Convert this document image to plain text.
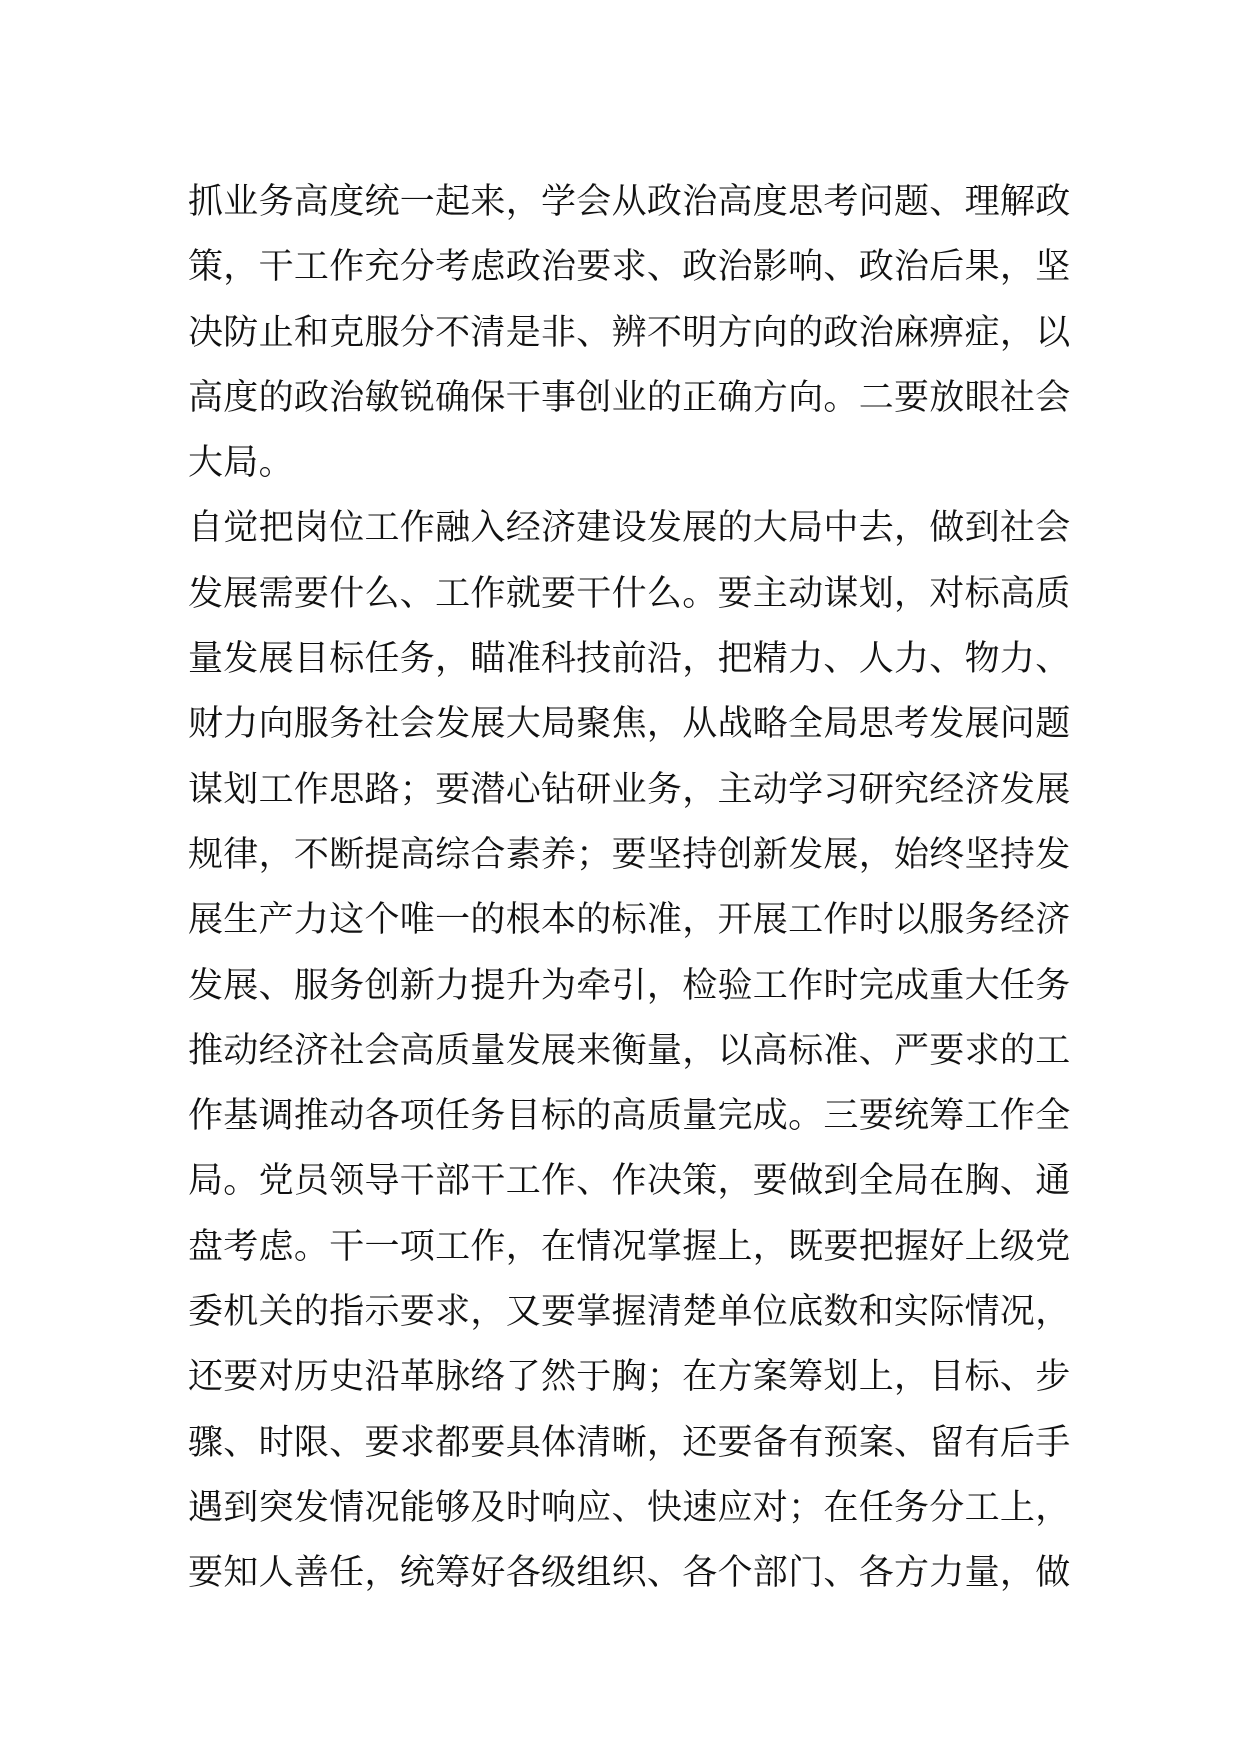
抓业务高度统一起来，学会从政治高度思考问题、理解政
策，干工作充分考虑政治要求、政治影响、政治后果，坚
决防止和克服分不清是非、辨不明方向的政治麻痹症，以
高度的政治敏锐确保干事创业的正确方向。二要放眼社会
大局。
自觉把岗位工作融入经济建设发展的大局中去，做到社会
发展需要什么、工作就要干什么。要主动谋划，对标高质
量发展目标任务，瞄准科技前沿，把精力、人力、物力、
财力向服务社会发展大局聚焦，从战略全局思考发展问题
谋划工作思路；要潜心钻研业务，主动学习研究经济发展
规律，不断提高综合素养；要坚持创新发展，始终坚持发
展生产力这个唯一的根本的标准，开展工作时以服务经济
发展、服务创新力提升为牵引，检验工作时完成重大任务
推动经济社会高质量发展来衡量，以高标准、严要求的工
作基调推动各项任务目标的高质量完成。三要统筹工作全
局。党员领导干部干工作、作决策，要做到全局在胸、通
盘考虑。干一项工作，在情况掌握上，既要把握好上级党
委机关的指示要求，又要掌握清楚单位底数和实际情况，
还要对历史沿革脉络了然于胸；在方案筹划上，目标、步
骤、时限、要求都要具体清晰，还要备有预案、留有后手
遇到突发情况能够及时响应、快速应对；在任务分工上，
要知人善任，统筹好各级组织、各个部门、各方力量，做
